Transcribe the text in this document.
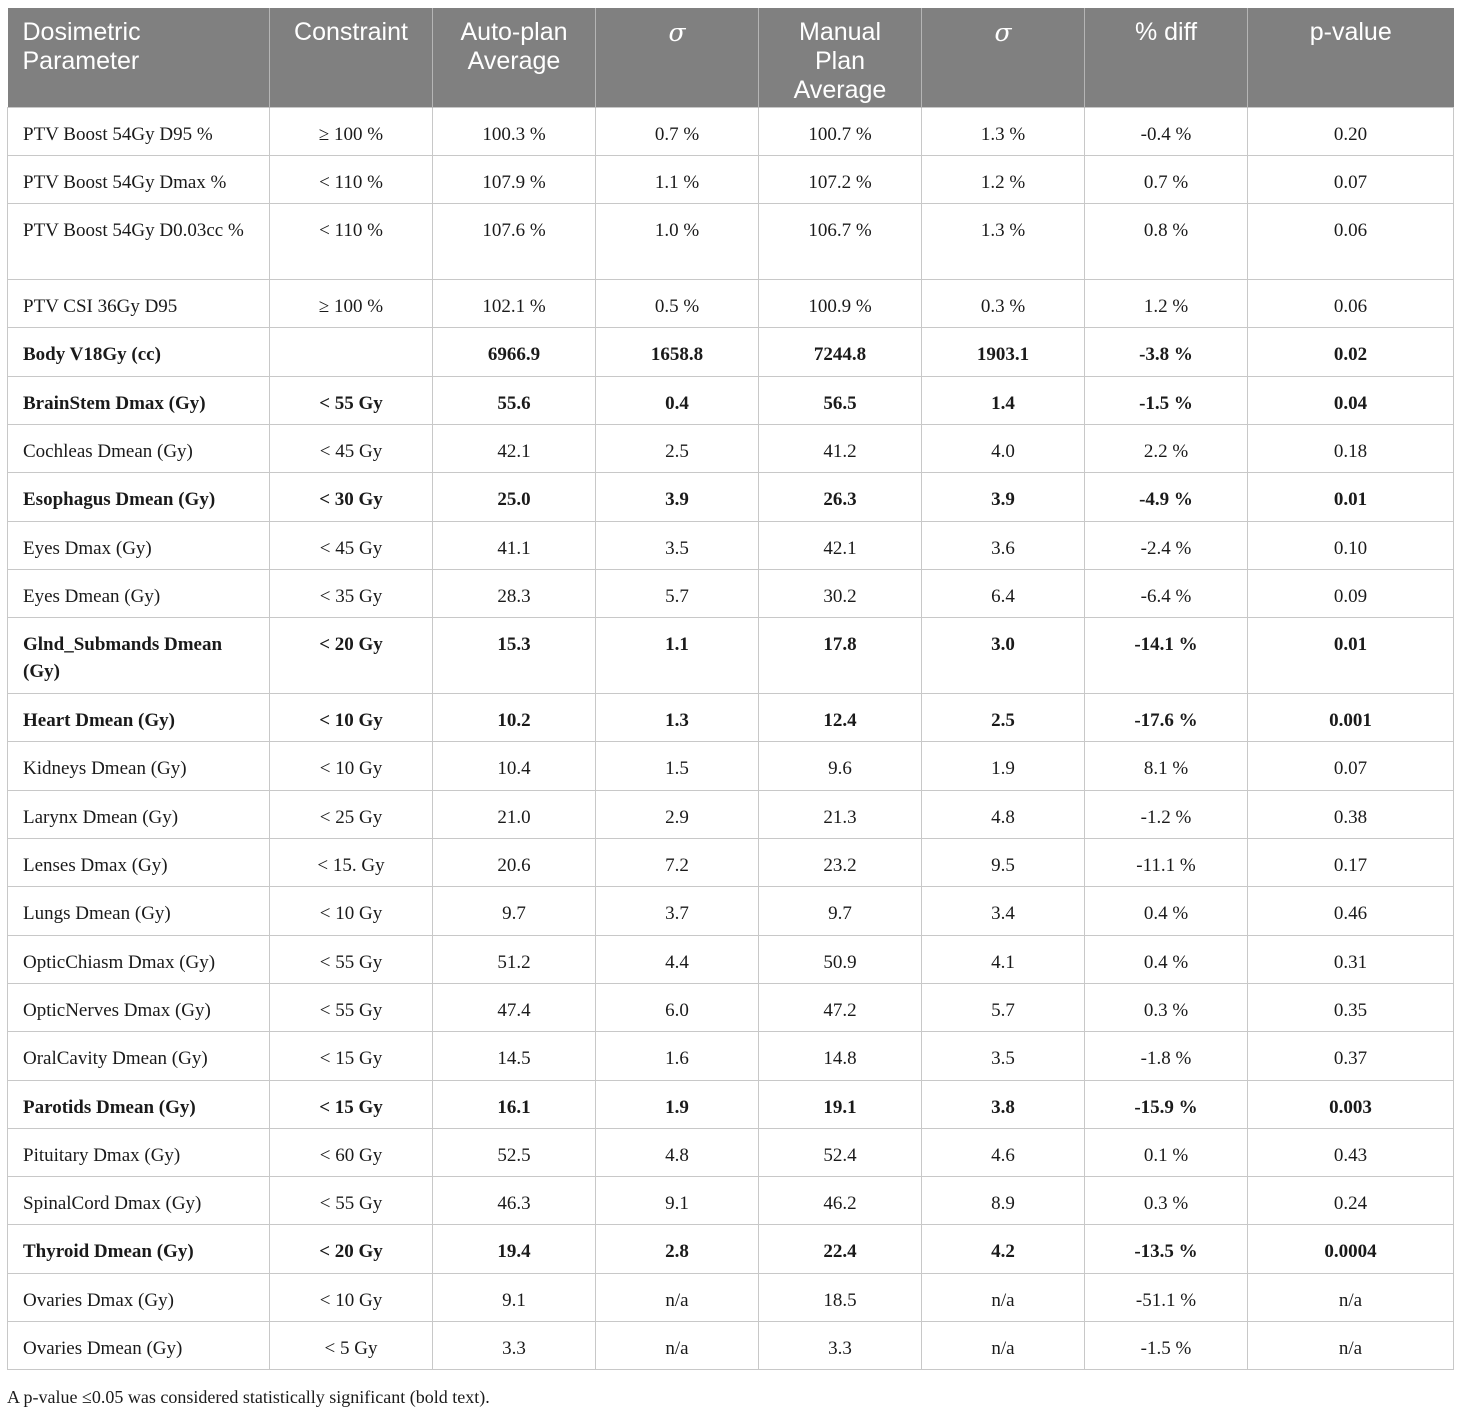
Dosimetric Parameter	Constraint	Auto-plan Average	σ	Manual Plan Average	σ	% diff	p-value
PTV Boost 54Gy D95 %	≥ 100 %	100.3 %	0.7 %	100.7 %	1.3 %	-0.4 %	0.20
PTV Boost 54Gy Dmax %	< 110 %	107.9 %	1.1 %	107.2 %	1.2 %	0.7 %	0.07
PTV Boost 54Gy D0.03cc %	< 110 %	107.6 %	1.0 %	106.7 %	1.3 %	0.8 %	0.06
PTV CSI 36Gy D95	≥ 100 %	102.1 %	0.5 %	100.9 %	0.3 %	1.2 %	0.06
Body V18Gy (cc)		6966.9	1658.8	7244.8	1903.1	-3.8 %	0.02
BrainStem Dmax (Gy)	< 55 Gy	55.6	0.4	56.5	1.4	-1.5 %	0.04
Cochleas Dmean (Gy)	< 45 Gy	42.1	2.5	41.2	4.0	2.2 %	0.18
Esophagus Dmean (Gy)	< 30 Gy	25.0	3.9	26.3	3.9	-4.9 %	0.01
Eyes Dmax (Gy)	< 45 Gy	41.1	3.5	42.1	3.6	-2.4 %	0.10
Eyes Dmean (Gy)	< 35 Gy	28.3	5.7	30.2	6.4	-6.4 %	0.09
Glnd_Submands Dmean (Gy)	< 20 Gy	15.3	1.1	17.8	3.0	-14.1 %	0.01
Heart Dmean (Gy)	< 10 Gy	10.2	1.3	12.4	2.5	-17.6 %	0.001
Kidneys Dmean (Gy)	< 10 Gy	10.4	1.5	9.6	1.9	8.1 %	0.07
Larynx Dmean (Gy)	< 25 Gy	21.0	2.9	21.3	4.8	-1.2 %	0.38
Lenses Dmax (Gy)	< 15. Gy	20.6	7.2	23.2	9.5	-11.1 %	0.17
Lungs Dmean (Gy)	< 10 Gy	9.7	3.7	9.7	3.4	0.4 %	0.46
OpticChiasm Dmax (Gy)	< 55 Gy	51.2	4.4	50.9	4.1	0.4 %	0.31
OpticNerves Dmax (Gy)	< 55 Gy	47.4	6.0	47.2	5.7	0.3 %	0.35
OralCavity Dmean (Gy)	< 15 Gy	14.5	1.6	14.8	3.5	-1.8 %	0.37
Parotids Dmean (Gy)	< 15 Gy	16.1	1.9	19.1	3.8	-15.9 %	0.003
Pituitary Dmax (Gy)	< 60 Gy	52.5	4.8	52.4	4.6	0.1 %	0.43
SpinalCord Dmax (Gy)	< 55 Gy	46.3	9.1	46.2	8.9	0.3 %	0.24
Thyroid Dmean (Gy)	< 20 Gy	19.4	2.8	22.4	4.2	-13.5 %	0.0004
Ovaries Dmax (Gy)	< 10 Gy	9.1	n/a	18.5	n/a	-51.1 %	n/a
Ovaries Dmean (Gy)	< 5 Gy	3.3	n/a	3.3	n/a	-1.5 %	n/a
A p-value ≤0.05 was considered statistically significant (bold text).
